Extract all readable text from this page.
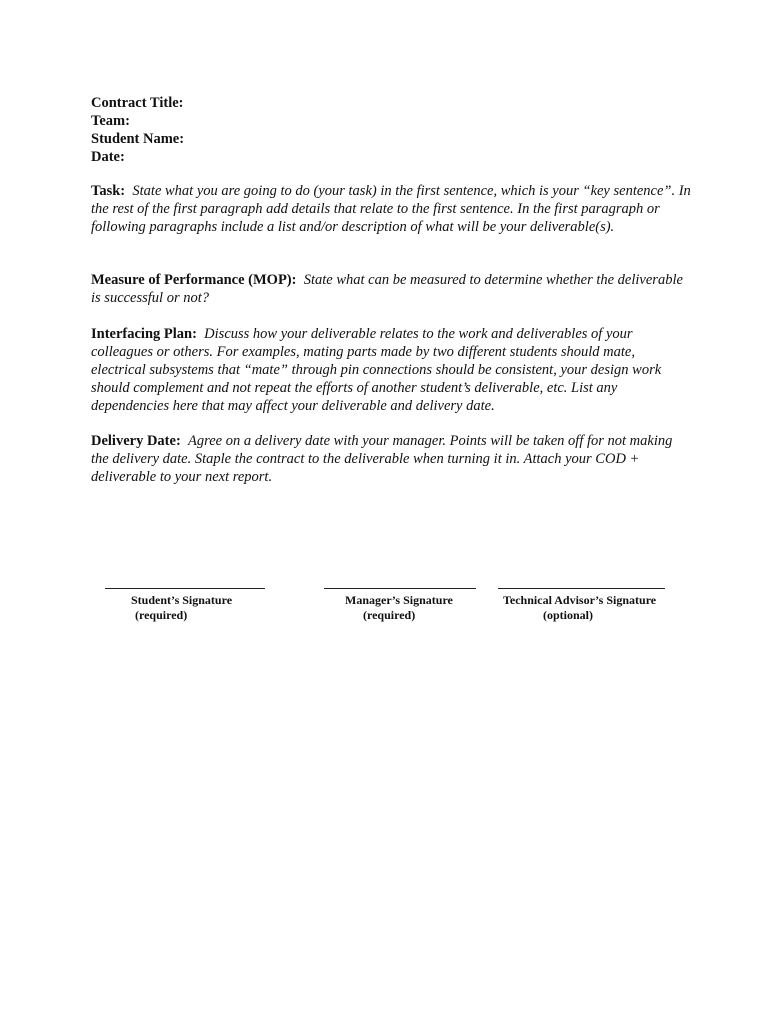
Contract Title:
Team:
Student Name:
Date:
Task: State what you are going to do (your task) in the first sentence, which is your “key sentence”. In the rest of the first paragraph add details that relate to the first sentence. In the first paragraph or following paragraphs include a list and/or description of what will be your deliverable(s).
Measure of Performance (MOP): State what can be measured to determine whether the deliverable is successful or not?
Interfacing Plan: Discuss how your deliverable relates to the work and deliverables of your colleagues or others. For examples, mating parts made by two different students should mate, electrical subsystems that “mate” through pin connections should be consistent, your design work should complement and not repeat the efforts of another student’s deliverable, etc. List any dependencies here that may affect your deliverable and delivery date.
Delivery Date: Agree on a delivery date with your manager. Points will be taken off for not making the delivery date. Staple the contract to the deliverable when turning it in. Attach your COD + deliverable to your next report.
Student’s Signature
(required)
Manager’s Signature
(required)
Technical Advisor’s Signature
(optional)
